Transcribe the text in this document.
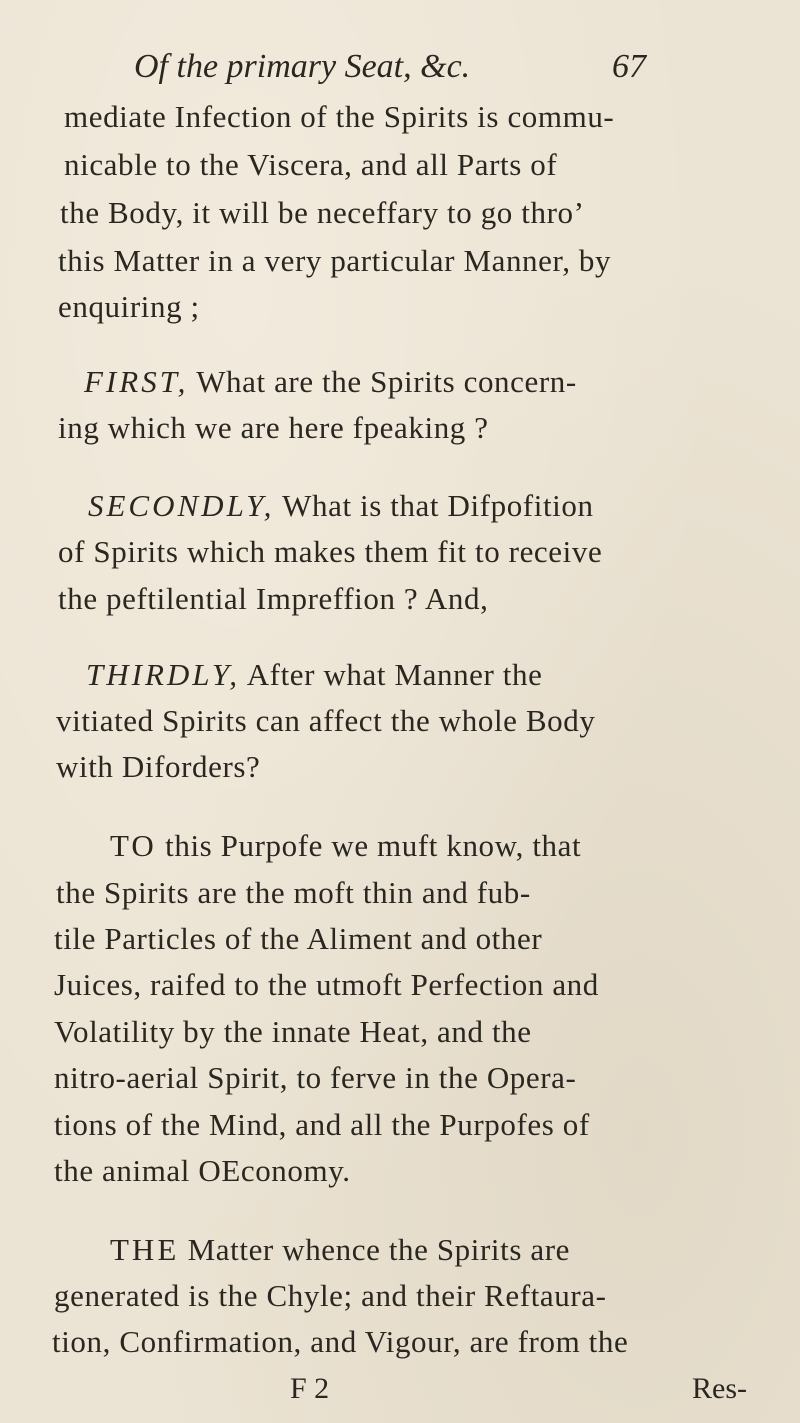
Of the primary Seat, &c.	67
mediate Infection of the Spirits is commu-
nicable to the Viscera, and all Parts of
the Body, it will be neceffary to go thro’
this Matter in a very particular Manner, by
enquiring ;
FIRST, What are the Spirits concern-
ing which we are here fpeaking ?
SECONDLY, What is that Difpofition
of Spirits which makes them fit to receive
the peftilential Impreffion ? And,
THIRDLY, After what Manner the
vitiated Spirits can affect the whole Body
with Diforders?
TO this Purpofe we muft know, that
the Spirits are the moft thin and fub-
tile Particles of the Aliment and other
Juices, raifed to the utmoft Perfection and
Volatility by the innate Heat, and the
nitro-aerial Spirit, to ferve in the Opera-
tions of the Mind, and all the Purpofes of
the animal OEconomy.
THE Matter whence the Spirits are
generated is the Chyle; and their Reftaura-
tion, Confirmation, and Vigour, are from the
F 2	Res-
